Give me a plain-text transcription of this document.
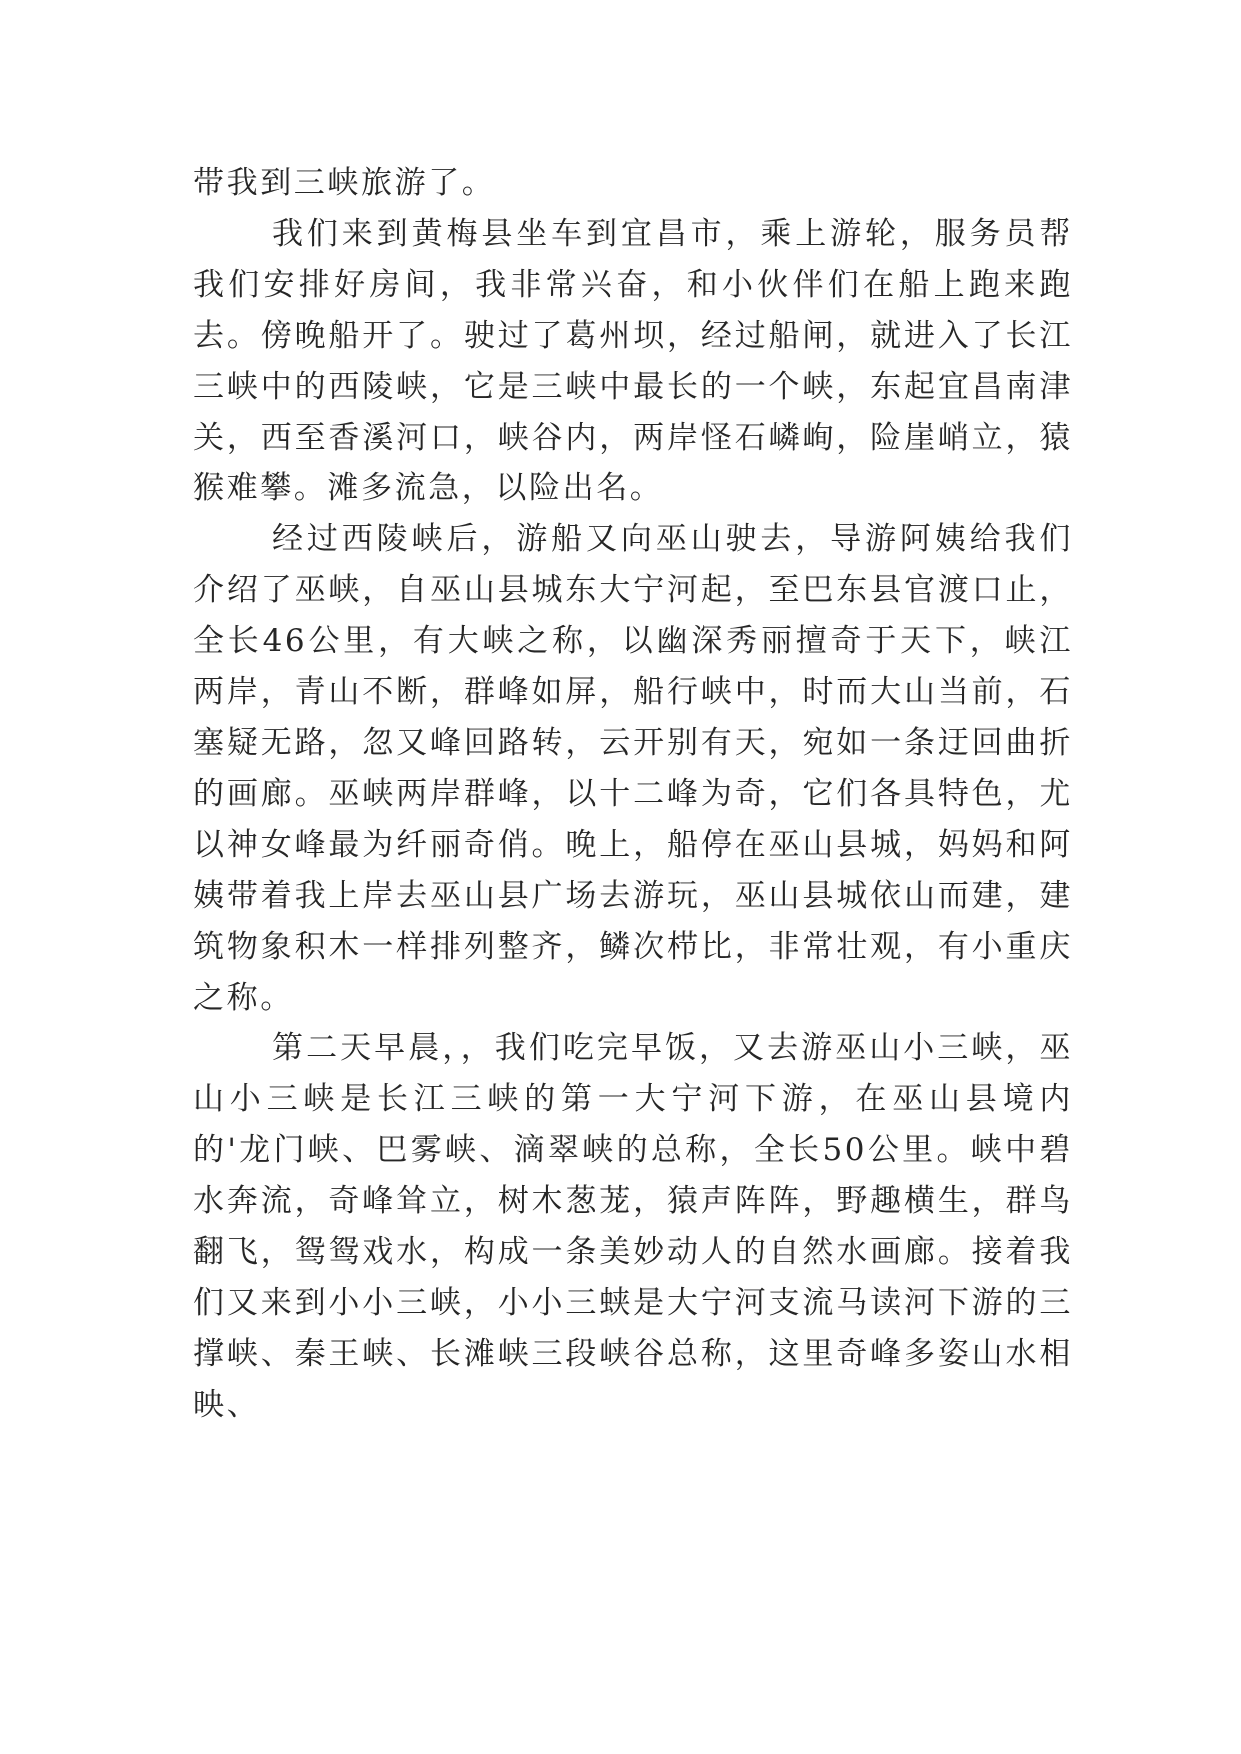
带我到三峡旅游了。

我们来到黄梅县坐车到宜昌市，乘上游轮，服务员帮我们安排好房间，我非常兴奋，和小伙伴们在船上跑来跑去。傍晚船开了。驶过了葛州坝，经过船闸，就进入了长江三峡中的西陵峡，它是三峡中最长的一个峡，东起宜昌南津关，西至香溪河口，峡谷内，两岸怪石嶙峋，险崖峭立，猿猴难攀。滩多流急，以险出名。

经过西陵峡后，游船又向巫山驶去，导游阿姨给我们介绍了巫峡，自巫山县城东大宁河起，至巴东县官渡口止，全长46公里，有大峡之称，以幽深秀丽擅奇于天下，峡江两岸，青山不断，群峰如屏，船行峡中，时而大山当前，石塞疑无路，忽又峰回路转，云开别有天，宛如一条迂回曲折的画廊。巫峡两岸群峰，以十二峰为奇，它们各具特色，尤以神女峰最为纤丽奇俏。晚上，船停在巫山县城，妈妈和阿姨带着我上岸去巫山县广场去游玩，巫山县城依山而建，建筑物象积木一样排列整齐，鳞次栉比，非常壮观，有小重庆之称。

第二天早晨，，我们吃完早饭，又去游巫山小三峡，巫山小三峡是长江三峡的第一大宁河下游，在巫山县境内的'龙门峡、巴雾峡、滴翠峡的总称，全长50公里。峡中碧水奔流，奇峰耸立，树木葱茏，猿声阵阵，野趣横生，群鸟翻飞，鸳鸳戏水，构成一条美妙动人的自然水画廊。接着我们又来到小小三峡，小小三蛱是大宁河支流马读河下游的三撑峡、秦王峡、长滩峡三段峡谷总称，这里奇峰多姿山水相映、
